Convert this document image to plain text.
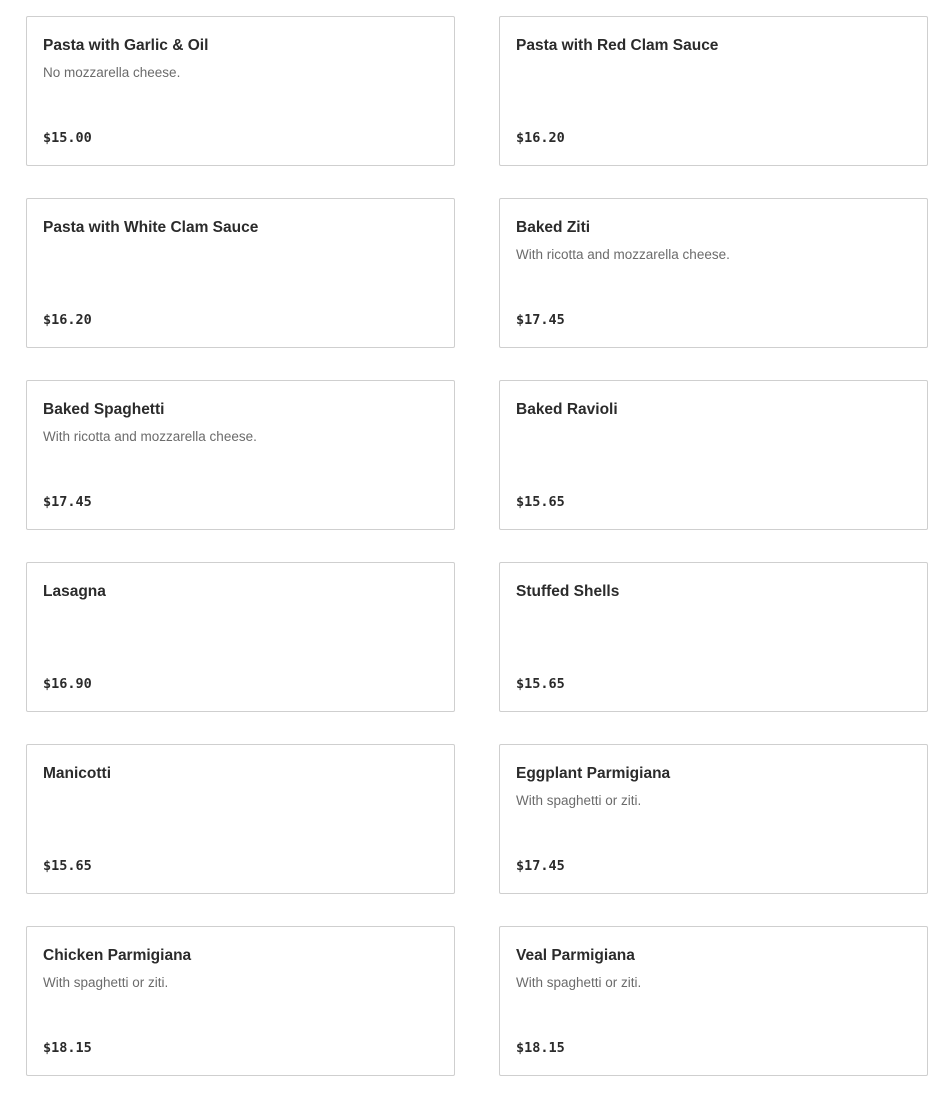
Pasta with Garlic & Oil
No mozzarella cheese.
$15.00
Pasta with Red Clam Sauce
$16.20
Pasta with White Clam Sauce
$16.20
Baked Ziti
With ricotta and mozzarella cheese.
$17.45
Baked Spaghetti
With ricotta and mozzarella cheese.
$17.45
Baked Ravioli
$15.65
Lasagna
$16.90
Stuffed Shells
$15.65
Manicotti
$15.65
Eggplant Parmigiana
With spaghetti or ziti.
$17.45
Chicken Parmigiana
With spaghetti or ziti.
$18.15
Veal Parmigiana
With spaghetti or ziti.
$18.15
